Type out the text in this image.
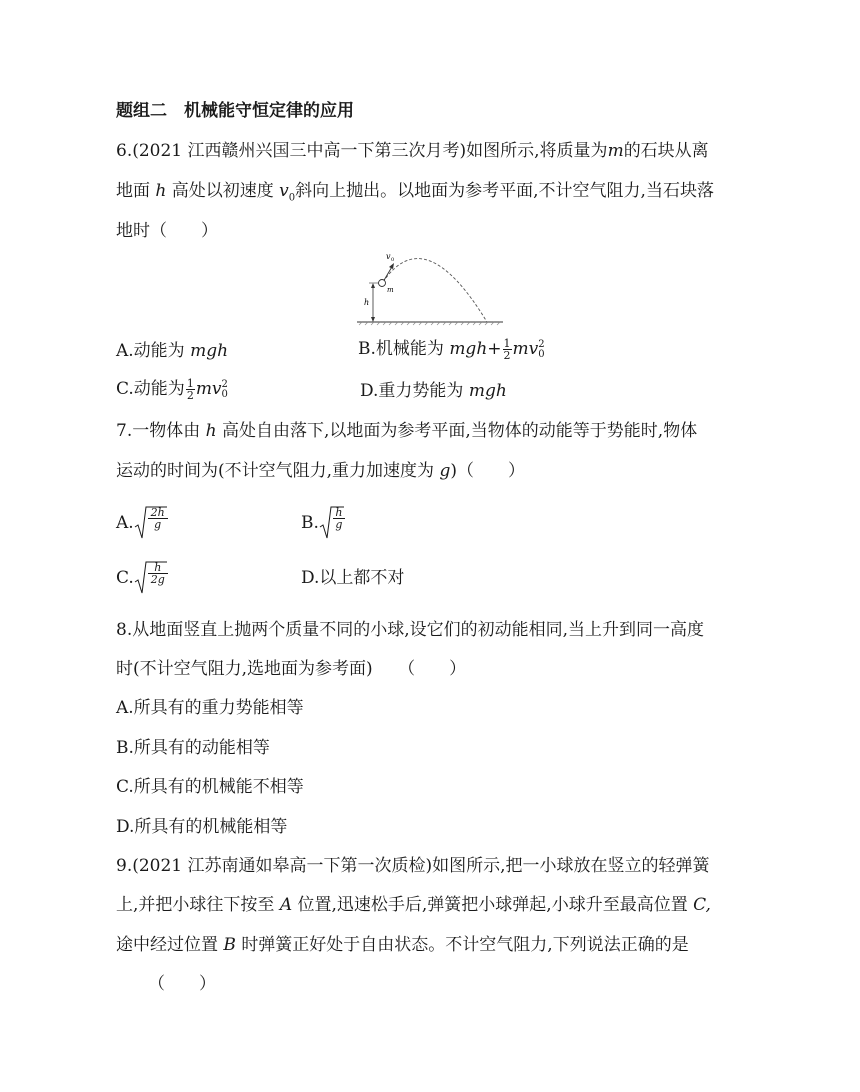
题组二　机械能守恒定律的应用
6.(2021 江西赣州兴国三中高一下第三次月考)如图所示,将质量为m的石块从离
地面 h 高处以初速度 $v_0$斜向上抛出。以地面为参考平面,不计空气阻力,当石块落
地时（　　）
v 0
m
h
A.动能为 mgh	B.机械能为 $mgh+ \frac{1}{2}$ mv 2
0
C.动能为 $\frac{1}{2}$ mv 2
0	D.重力势能为 mgh
7.一物体由 h 高处自由落下,以地面为参考平面,当物体的动能等于势能时,物体
运动的时间为(不计空气阻力,重力加速度为 g)（　　）
A. $\frac{2h}{g}$	B. $\frac{h}{g}$
C. $\frac{h}{2g}$	D.以上都不对
8.从地面竖直上抛两个质量不同的小球,设它们的初动能相同,当上升到同一高度
时(不计空气阻力,选地面为参考面)　　（　　）
A.所具有的重力势能相等
B.所具有的动能相等
C.所具有的机械能不相等
D.所具有的机械能相等
9.(2021 江苏南通如皋高一下第一次质检)如图所示,把一小球放在竖立的轻弹簧
上,并把小球往下按至 A 位置,迅速松手后,弹簧把小球弹起,小球升至最高位置 C,
途中经过位置 B 时弹簧正好处于自由状态。不计空气阻力,下列说法正确的是
（　　）
